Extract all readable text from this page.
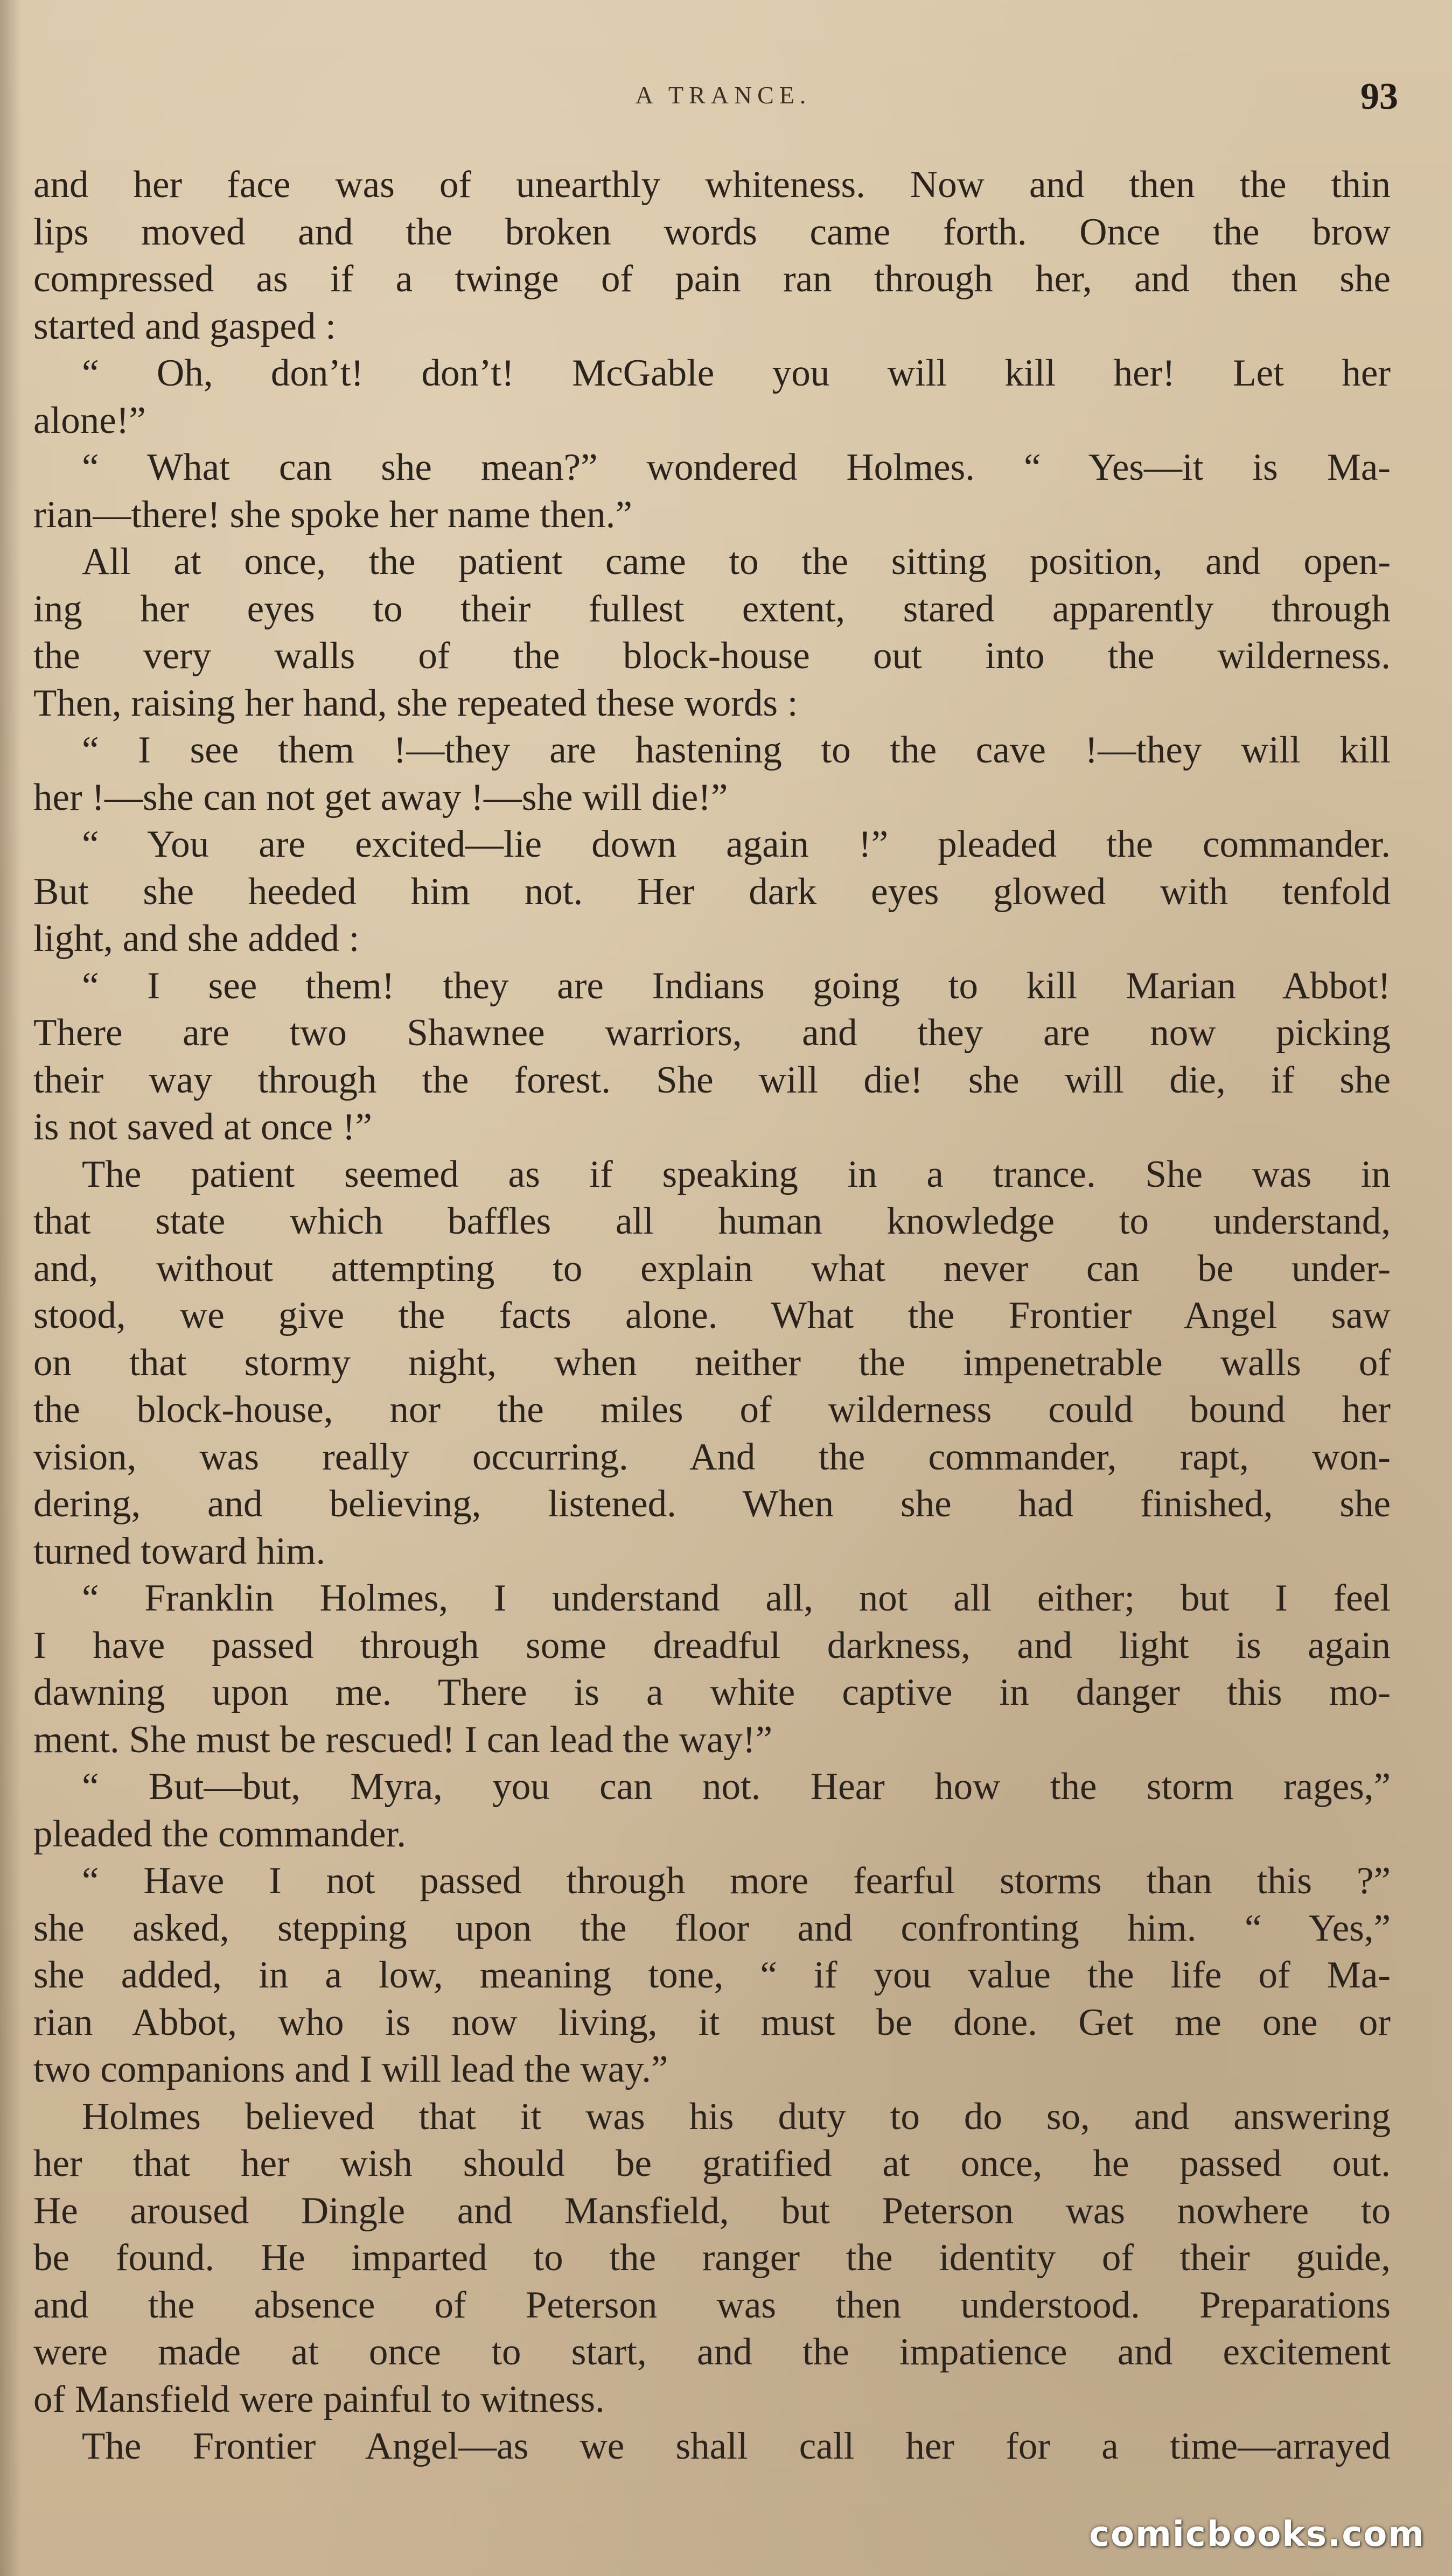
A TRANCE.	93
and her face was of unearthly whiteness. Now and then the thin
lips moved and the broken words came forth. Once the brow
compressed as if a twinge of pain ran through her, and then she
started and gasped :
“ Oh, don’t! don’t! McGable you will kill her! Let her
alone!”
“ What can she mean?” wondered Holmes. “ Yes—it is Ma-
rian—there! she spoke her name then.”
All at once, the patient came to the sitting position, and open-
ing her eyes to their fullest extent, stared apparently through
the very walls of the block-house out into the wilderness.
Then, raising her hand, she repeated these words :
“ I see them !—they are hastening to the cave !—they will kill
her !—she can not get away !—she will die!”
“ You are excited—lie down again !” pleaded the commander.
But she heeded him not. Her dark eyes glowed with tenfold
light, and she added :
“ I see them! they are Indians going to kill Marian Abbot!
There are two Shawnee warriors, and they are now picking
their way through the forest. She will die! she will die, if she
is not saved at once !”
The patient seemed as if speaking in a trance. She was in
that state which baffles all human knowledge to understand,
and, without attempting to explain what never can be under-
stood, we give the facts alone. What the Frontier Angel saw
on that stormy night, when neither the impenetrable walls of
the block-house, nor the miles of wilderness could bound her
vision, was really occurring. And the commander, rapt, won-
dering, and believing, listened. When she had finished, she
turned toward him.
“ Franklin Holmes, I understand all, not all either; but I feel
I have passed through some dreadful darkness, and light is again
dawning upon me. There is a white captive in danger this mo-
ment. She must be rescued! I can lead the way!”
“ But—but, Myra, you can not. Hear how the storm rages,”
pleaded the commander.
“ Have I not passed through more fearful storms than this ?”
she asked, stepping upon the floor and confronting him. “ Yes,”
she added, in a low, meaning tone, “ if you value the life of Ma-
rian Abbot, who is now living, it must be done. Get me one or
two companions and I will lead the way.”
Holmes believed that it was his duty to do so, and answering
her that her wish should be gratified at once, he passed out.
He aroused Dingle and Mansfield, but Peterson was nowhere to
be found. He imparted to the ranger the identity of their guide,
and the absence of Peterson was then understood. Preparations
were made at once to start, and the impatience and excitement
of Mansfield were painful to witness.
The Frontier Angel—as we shall call her for a time—arrayed
comicbooks.com
